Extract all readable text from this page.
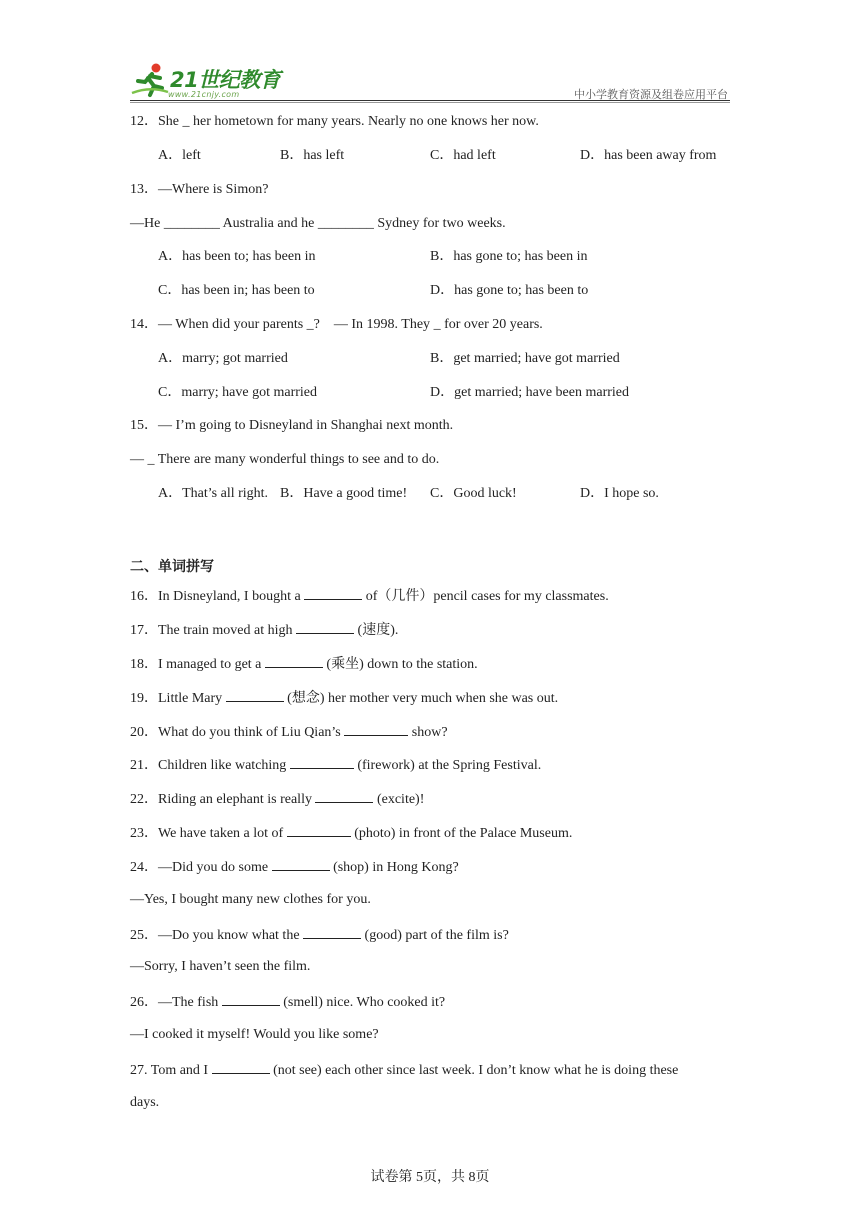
21世纪教育
www.21cnjy.com	中小学教育资源及组卷应用平台
12．She _ her hometown for many years. Nearly no one knows her now.
A．left	B．has left	C．had left	D．has been away from
13．—Where is Simon?
—He ________ Australia and he ________ Sydney for two weeks.
A．has been to; has been in	B．has gone to; has been in
C．has been in; has been to	D．has gone to; has been to
14．— When did your parents _? — In 1998. They _ for over 20 years.
A．marry; got married	B．get married; have got married
C．marry; have got married	D．get married; have been married
15．— I’m going to Disneyland in Shanghai next month.
— _ There are many wonderful things to see and to do.
A．That’s all right. B．Have a good time! C．Good luck!	D．I hope so.
二、单词拼写
16．In Disneyland, I bought a	of（几件）pencil cases for my classmates.
17．The train moved at high	(速度).
18．I managed to get a	(乘坐) down to the station.
19．Little Mary	(想念) her mother very much when she was out.
20．What do you think of Liu Qian’s	show?
21．Children like watching	(firework) at the Spring Festival.
22．Riding an elephant is really	(excite)!
23．We have taken a lot of	(photo) in front of the Palace Museum.
24．—Did you do some	(shop) in Hong Kong?
—Yes, I bought many new clothes for you.
25．—Do you know what the	(good) part of the film is?
—Sorry, I haven’t seen the film.
26．—The fish	(smell) nice. Who cooked it?
—I cooked it myself! Would you like some?
27. Tom and I	(not see) each other since last week. I don’t know what he is doing these
days.
试卷第 5页，共 8页
